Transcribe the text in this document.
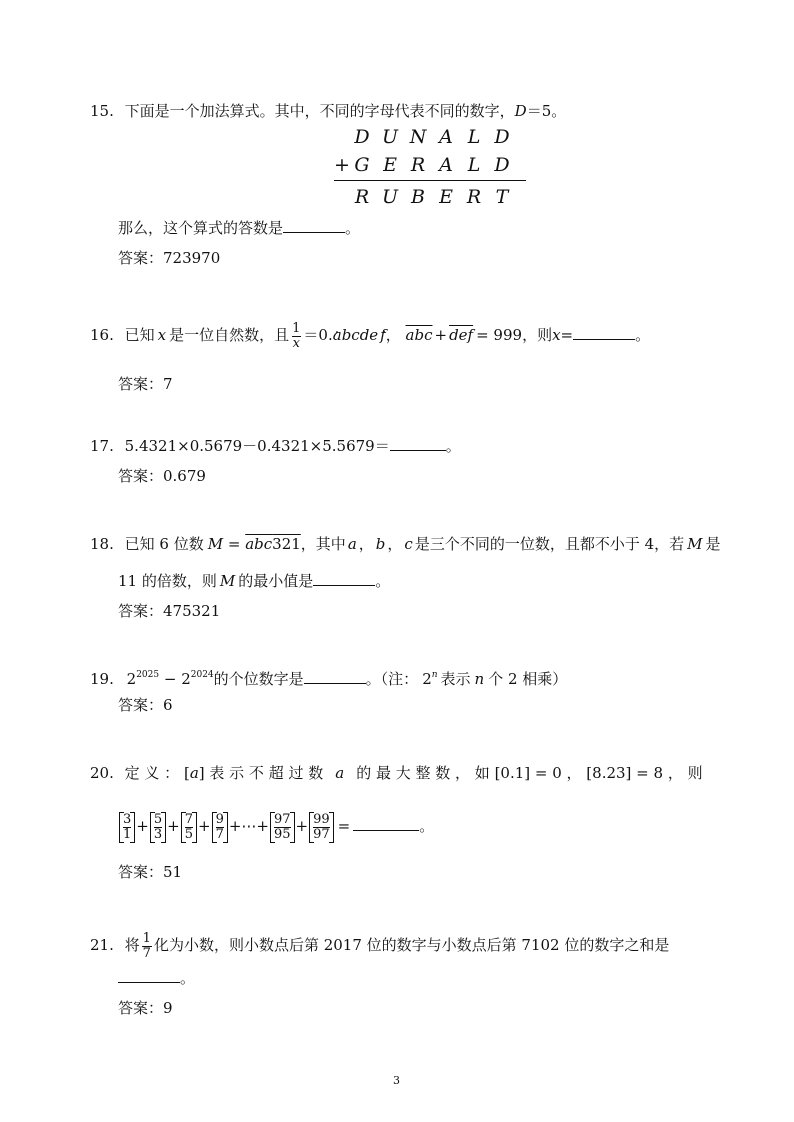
15. 下面是一个加法算式。其中，不同的字母代表不同的数字，D＝5。
D U N A L D
+ G E R A L D
R U B E R T
那么，这个算式的答数是	。
答案：723970
16. 已知 x 是一位自然数，且 $\frac{1}{x} =0.a$ ·bcde f ·， $\overline{abc} + \overline{def} = 999$，则x=	。
答案：7
17. 5.4321×0.5679－0.4321×5.5679＝	。
答案：0.679
18. 已知 6 位数 M = abc321，其中 a ， b ， c 是三个不同的一位数，且都不小于 4，若 M 是
11 的倍数，则 M 的最小值是	。
答案：475321
19. $2^{2025} - 2^{2024}$的个位数字是	。（注： 2$^n$ 表示 n 个 2 相乘）
答案：6
20. 定 义 ： [a] 表 示 不 超 过 数 a 的 最 大 整 数 ， 如 [0.1] = 0 ， [8.23] = 8 ， 则
$\frac{3}{1} + \frac{5}{3} + \frac{7}{5} + \frac{9}{7}$ +⋯+ $\frac{97}{95} + \frac{99}{97}$ =	。
答案：51
21. 将 $\frac{1}{7}$ 化为小数，则小数点后第 2017 位的数字与小数点后第 7102 位的数字之和是
。
答案：9
3
